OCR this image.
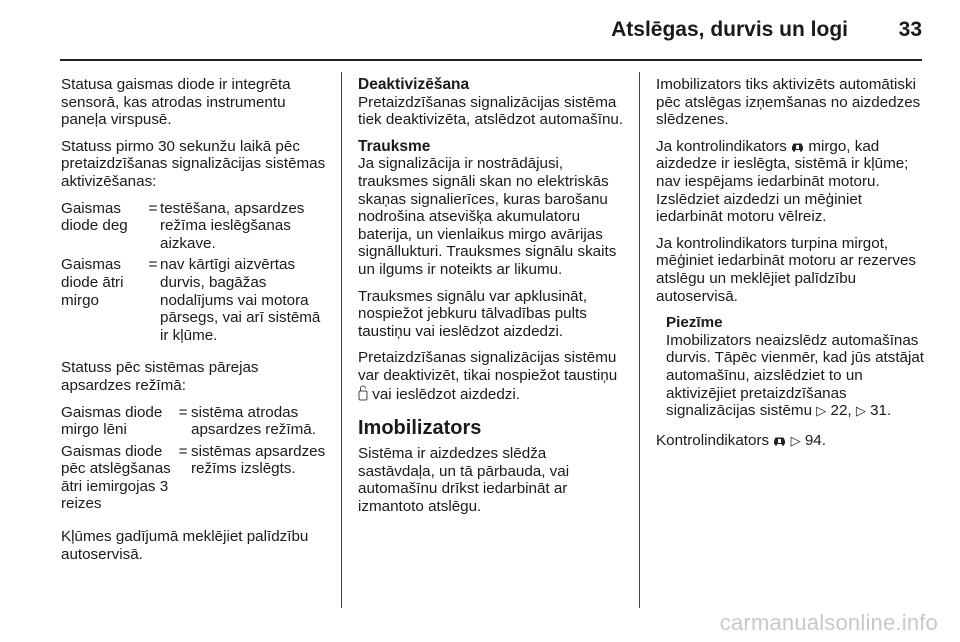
Atslēgas, durvis un logi 33

Statusa gaismas diode ir integrēta sensorā, kas atrodas instrumentu paneļa virspusē.

Statuss pirmo 30 sekunžu laikā pēc pretaizdzīšanas signalizācijas sistēmas aktivizēšanas:

Gaismas diode deg
= testēšana, apsardzes režīma ieslēgšanas aizkave.
Gaismas diode ātri mirgo
= nav kārtīgi aizvērtas durvis, bagāžas nodalījums vai motora pārsegs, vai arī sistēmā ir kļūme.

Statuss pēc sistēmas pārejas apsardzes režīmā:

Gaismas diode mirgo lēni
= sistēma atrodas apsardzes režīmā.
Gaismas diode pēc atslēgšanas ātri iemirgojas 3 reizes
= sistēmas apsardzes režīms izslēgts.

Kļūmes gadījumā meklējiet palīdzību autoservisā.

Deaktivizēšana

Pretaizdzīšanas signalizācijas sistēma tiek deaktivizēta, atslēdzot automašīnu.

Trauksme

Ja signalizācija ir nostrādājusi, trauksmes signāli skan no elektriskās skaņas signalierīces, kuras barošanu nodrošina atsevišķa akumulatoru baterija, un vienlaikus mirgo avārijas signāllukturi. Trauksmes signālu skaits un ilgums ir noteikts ar likumu.

Trauksmes signālu var apklusināt, nospiežot jebkuru tālvadības pults taustiņu vai ieslēdzot aizdedzi.

Pretaizdzīšanas signalizācijas sistēmu var deaktivizēt, tikai nospiežot taustiņu  vai ieslēdzot aizdedzi.

Imobilizators

Sistēma ir aizdedzes slēdža sastāvdaļa, un tā pārbauda, vai automašīnu drīkst iedarbināt ar izmantoto atslēgu.

Imobilizators tiks aktivizēts automātiski pēc atslēgas izņemšanas no aizdedzes slēdzenes.

Ja kontrolindikators mirgo, kad aizdedze ir ieslēgta, sistēmā ir kļūme; nav iespējams iedarbināt motoru. Izslēdziet aizdedzi un mēģiniet iedarbināt motoru vēlreiz.

Ja kontrolindikators turpina mirgot, mēģiniet iedarbināt motoru ar rezerves atslēgu un meklējiet palīdzību autoservisā.

Piezīme
Imobilizators neaizslēdz automašīnas durvis. Tāpēc vienmēr, kad jūs atstājat automašīnu, aizslēdziet to un aktivizējiet pretaizdzīšanas signalizācijas sistēmu ▷ 22, ▷ 31.

Kontrolindikators ▷ 94.

carmanualsonline.info
